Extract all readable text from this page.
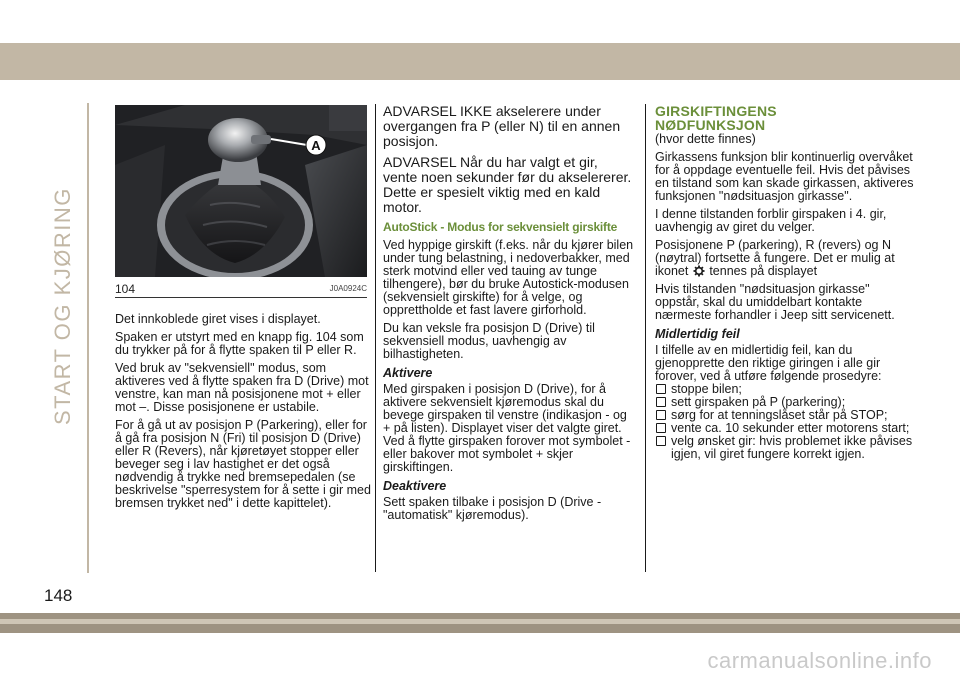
START OG KJØRING
A
104	J0A0924C

Det innkoblede giret vises i displayet.

Spaken er utstyrt med en knapp fig. 104 som du trykker på for å flytte spaken til P eller R.

Ved bruk av "sekvensiell" modus, som aktiveres ved å flytte spaken fra D (Drive) mot venstre, kan man nå posisjonene mot + eller mot –. Disse posisjonene er ustabile.

For å gå ut av posisjon P (Parkering), eller for å gå fra posisjon N (Fri) til posisjon D (Drive) eller R (Revers), når kjøretøyet stopper eller beveger seg i lav hastighet er det også nødvendig å trykke ned bremsepedalen (se beskrivelse "sperresystem for å sette i gir med bremsen trykket ned" i dette kapittelet).

ADVARSEL IKKE akselerere under overgangen fra P (eller N) til en annen posisjon.

ADVARSEL Når du har valgt et gir, vente noen sekunder før du akselererer. Dette er spesielt viktig med en kald motor.

AutoStick - Modus for sekvensielt girskifte

Ved hyppige girskift (f.eks. når du kjører bilen under tung belastning, i nedoverbakker, med sterk motvind eller ved tauing av tunge tilhengere), bør du bruke Autostick-modusen (sekvensielt girskifte) for å velge, og opprettholde et fast lavere girforhold.

Du kan veksle fra posisjon D (Drive) til sekvensiell modus, uavhengig av bilhastigheten.

Aktivere

Med girspaken i posisjon D (Drive), for å aktivere sekvensielt kjøremodus skal du bevege girspaken til venstre (indikasjon - og + på listen). Displayet viser det valgte giret. Ved å flytte girspaken forover mot symbolet - eller bakover mot symbolet + skjer girskiftingen.

Deaktivere

Sett spaken tilbake i posisjon D (Drive - "automatisk" kjøremodus).

GIRSKIFTINGENS
NØDFUNKSJON

(hvor dette finnes)

Girkassens funksjon blir kontinuerlig overvåket for å oppdage eventuelle feil. Hvis det påvises en tilstand som kan skade girkassen, aktiveres funksjonen "nødsituasjon girkasse".

I denne tilstanden forblir girspaken i 4. gir, uavhengig av giret du velger.

Posisjonene P (parkering), R (revers) og N (nøytral) fortsette å fungere. Det er mulig at ikonet tennes på displayet

Hvis tilstanden "nødsituasjon girkasse" oppstår, skal du umiddelbart kontakte nærmeste forhandler i Jeep sitt servicenett.

Midlertidig feil

I tilfelle av en midlertidig feil, kan du gjenopprette den riktige giringen i alle gir forover, ved å utføre følgende prosedyre:

stoppe bilen;
sett girspaken på P (parkering);
sørg for at tenningslåset står på STOP;
vente ca. 10 sekunder etter motorens start;
velg ønsket gir: hvis problemet ikke påvises igjen, vil giret fungere korrekt igjen.
148
carmanualsonline.info
